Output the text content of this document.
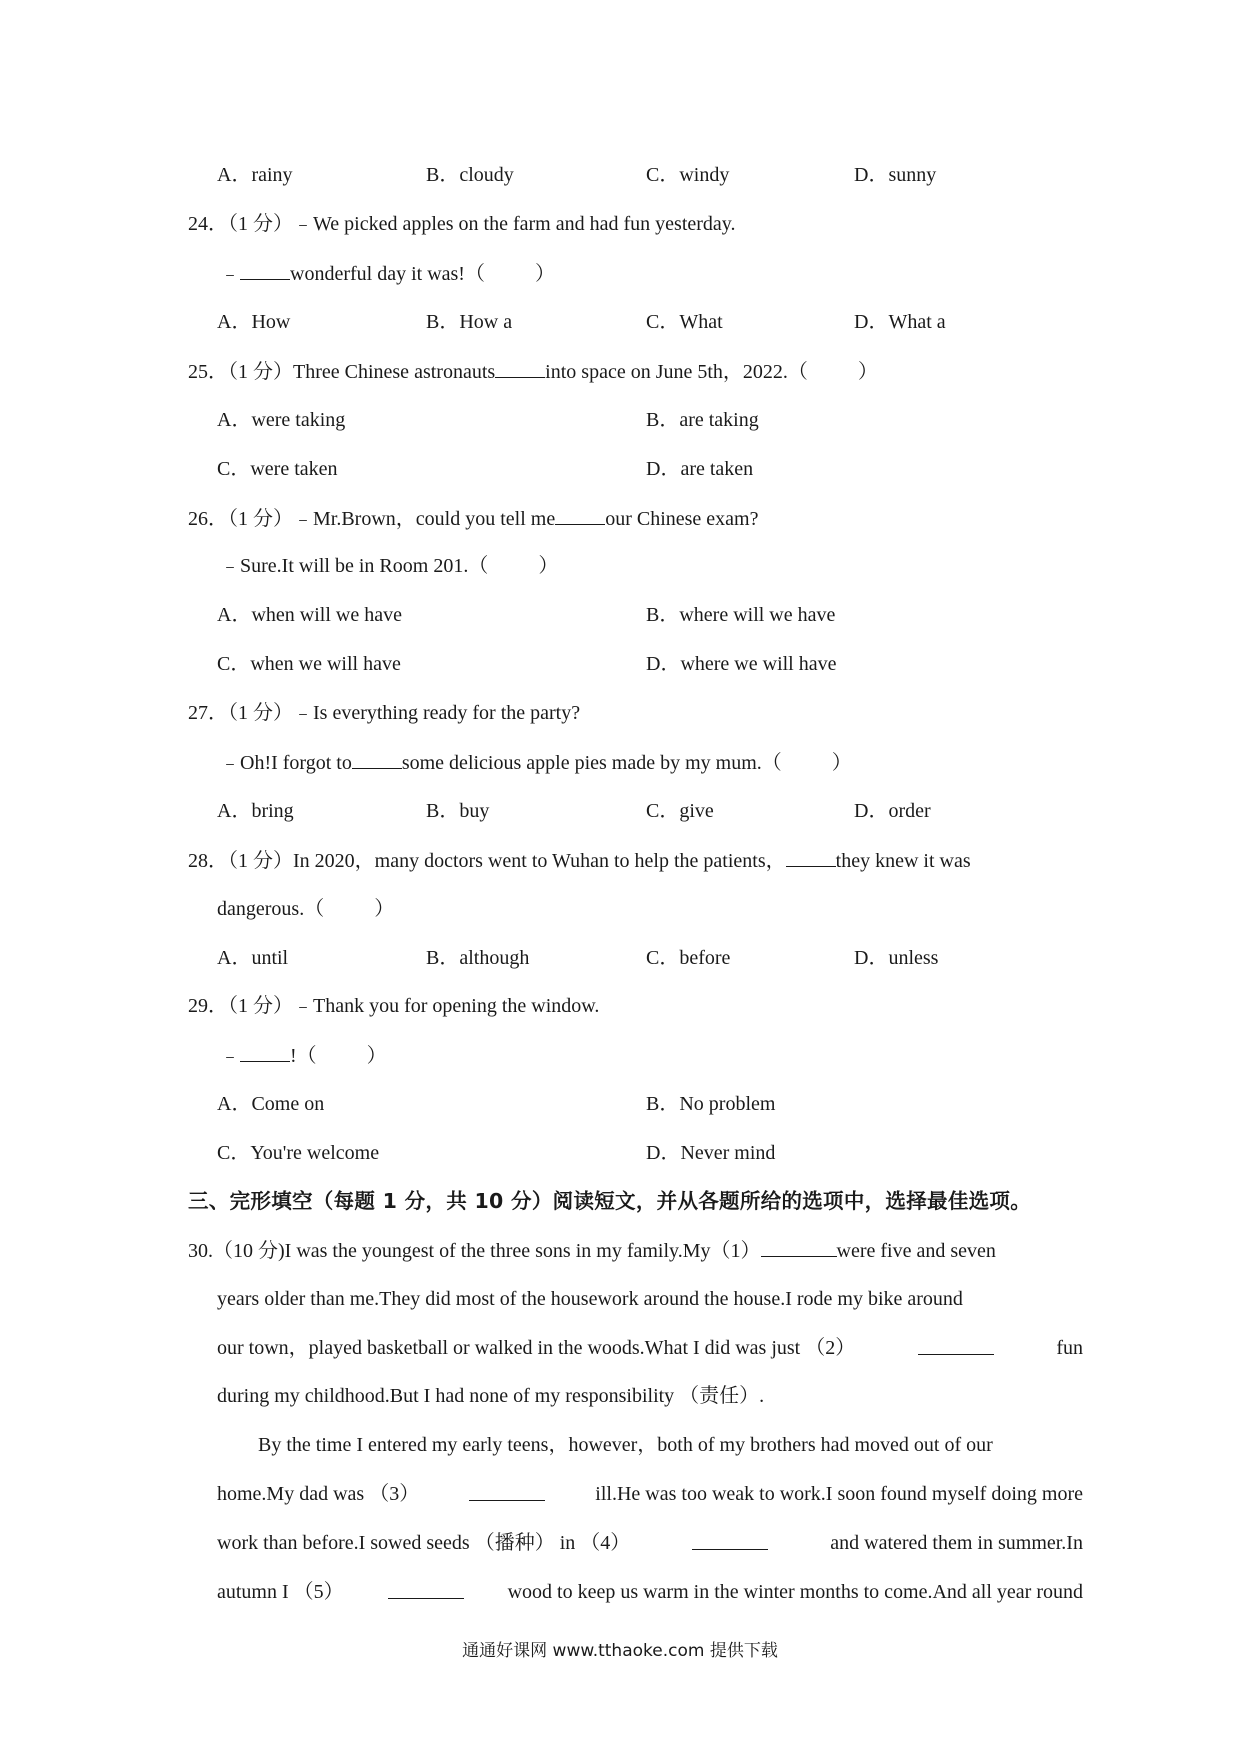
A．rainy	B．cloudy	C．windy	D．sunny
24．（1 分）﹣We picked apples on the farm and had fun yesterday.
﹣	wonderful day it was!（	）
A．How	B．How a	C．What	D．What a
25．（1 分）Three Chinese astronauts	into space on June 5th，2022.（	）
A．were taking	B．are taking
C．were taken	D．are taken
26．（1 分）﹣Mr.Brown，could you tell me	our Chinese exam?
﹣Sure.It will be in Room 201.（	）
A．when will we have	B．where will we have
C．when we will have	D．where we will have
27．（1 分）﹣Is everything ready for the party?
﹣Oh!I forgot to	some delicious apple pies made by my mum.（	）
A．bring	B．buy	C．give	D．order
28．（1 分）In 2020，many doctors went to Wuhan to help the patients，	they knew it was
dangerous.（	）
A．until	B．although	C．before	D．unless
29．（1 分）﹣Thank you for opening the window.
﹣	!（	）
A．Come on	B．No problem
C．You're welcome	D．Never mind
三、完形填空（每题 1 分，共 10 分）阅读短文，并从各题所给的选项中，选择最佳选项。
30.（10 分)I was the youngest of the three sons in my family.My（1）	were five and seven
years older than me.They did most of the housework around the house.I rode my bike around
our town，played basketball or walked in the woods.What I did was just （2）	fun
during my childhood.But I had none of my responsibility （责任）.
By the time I entered my early teens，however，both of my brothers had moved out of our
home.My dad was （3）	ill.He was too weak to work.I soon found myself doing more
work than before.I sowed seeds （播种） in （4）	and watered them in summer.In
autumn I （5）	wood to keep us warm in the winter months to come.And all year round
通通好课网 www.tthaoke.com 提供下载
